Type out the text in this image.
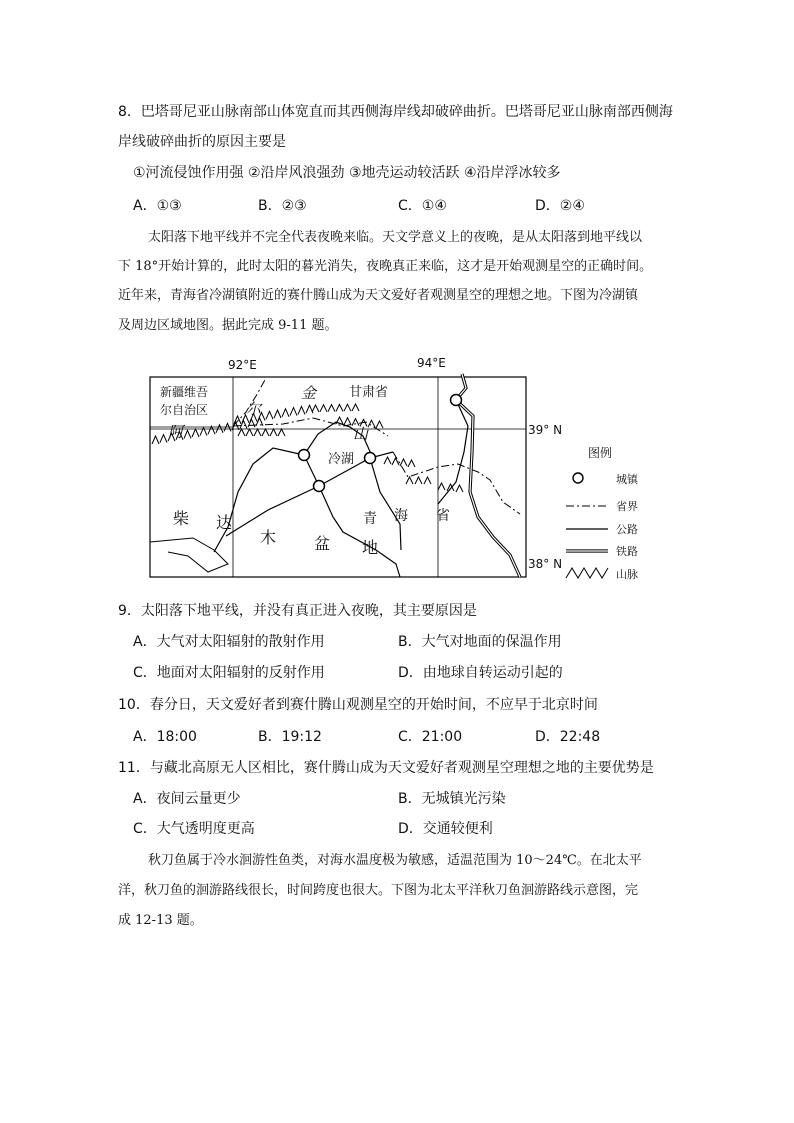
8．巴塔哥尼亚山脉南部山体宽直而其西侧海岸线却破碎曲折。巴塔哥尼亚山脉南部西侧海
岸线破碎曲折的原因主要是
①河流侵蚀作用强 ②沿岸风浪强劲 ③地壳运动较活跃 ④沿岸浮冰较多
A．①③	B．②③	C．①④	D．②④
太阳落下地平线并不完全代表夜晚来临。天文学意义上的夜晚，是从太阳落到地平线以
下 18°开始计算的，此时太阳的暮光消失，夜晚真正来临，这才是开始观测星空的正确时间。
近年来，青海省冷湖镇附近的赛什腾山成为天文爱好者观测星空的理想之地。下图为冷湖镇
及周边区域地图。据此完成 9-11 题。
92°E	94°E
39° N
38° N
新疆维吾
尔自治区
甘肃省
阿
尔
金
山
冷湖
柴 达
木 盆 地
青 海 省
图例
城镇
省界
公路
铁路
山脉
9．太阳落下地平线，并没有真正进入夜晚，其主要原因是
A．大气对太阳辐射的散射作用	B．大气对地面的保温作用
C．地面对太阳辐射的反射作用	D．由地球自转运动引起的
10．春分日，天文爱好者到赛什腾山观测星空的开始时间，不应早于北京时间
A．18:00	B．19:12	C．21:00	D．22:48
11．与藏北高原无人区相比，赛什腾山成为天文爱好者观测星空理想之地的主要优势是
A．夜间云量更少	B．无城镇光污染
C．大气透明度更高	D．交通较便利
秋刀鱼属于冷水洄游性鱼类，对海水温度极为敏感，适温范围为 10～24℃。在北太平
洋，秋刀鱼的洄游路线很长，时间跨度也很大。下图为北太平洋秋刀鱼洄游路线示意图，完
成 12-13 题。
